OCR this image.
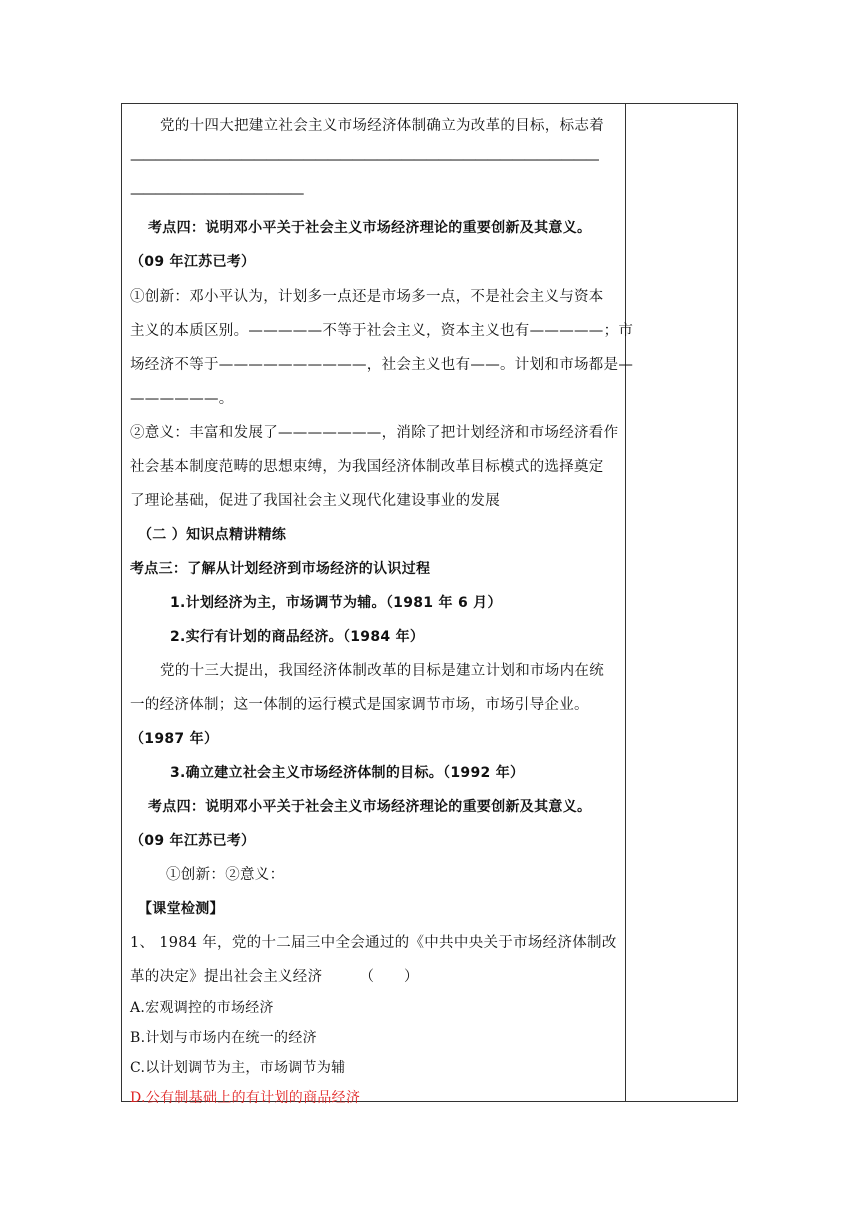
党的十四大把建立社会主义市场经济体制确立为改革的目标，标志着
——————————————————————————————————————
——————————————
考点四：说明邓小平关于社会主义市场经济理论的重要创新及其意义。
（09 年江苏已考）
①创新：邓小平认为，计划多一点还是市场多一点，不是社会主义与资本
主义的本质区别。—————不等于社会主义，资本主义也有—————；市
场经济不等于——————————，社会主义也有——。计划和市场都是—
——————。
②意义：丰富和发展了———————，消除了把计划经济和市场经济看作
社会基本制度范畴的思想束缚，为我国经济体制改革目标模式的选择奠定
了理论基础，促进了我国社会主义现代化建设事业的发展
（二 ）知识点精讲精练
考点三：了解从计划经济到市场经济的认识过程
1.计划经济为主，市场调节为辅。（1981 年 6 月）
2.实行有计划的商品经济。（1984 年）
党的十三大提出，我国经济体制改革的目标是建立计划和市场内在统
一的经济体制；这一体制的运行模式是国家调节市场，市场引导企业。
（1987 年）
3.确立建立社会主义市场经济体制的目标。（1992 年）
考点四：说明邓小平关于社会主义市场经济理论的重要创新及其意义。
（09 年江苏已考）
①创新：②意义：
【课堂检测】
1、 1984 年，党的十二届三中全会通过的《中共中央关于市场经济体制改
革的决定》提出社会主义经济　　　（　　）
A.宏观调控的市场经济
B.计划与市场内在统一的经济
C.以计划调节为主，市场调节为辅
D.公有制基础上的有计划的商品经济
